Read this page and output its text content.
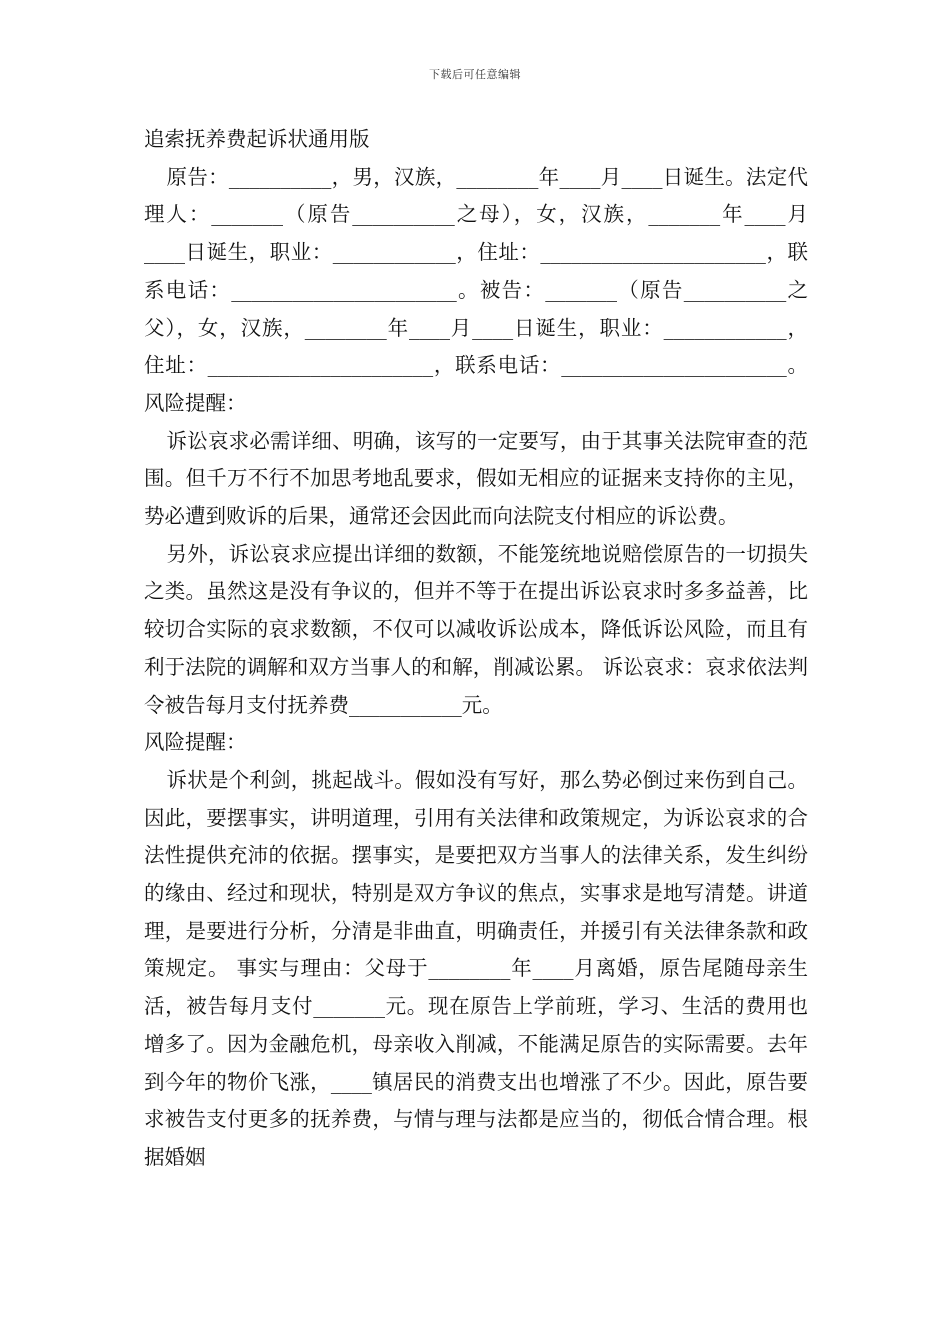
下载后可任意编辑

追索抚养费起诉状通用版

原告：__________，男，汉族，________年____月____日诞生。法定代理人：_______（原告__________之母），女，汉族，_______年____月____日诞生，职业：____________，住址：______________________，联系电话：______________________。被告：_______（原告__________之父），女，汉族，________年____月____日诞生，职业：____________，住址：______________________，联系电话：______________________。风险提醒：

诉讼哀求必需详细、明确，该写的一定要写，由于其事关法院审查的范围。但千万不行不加思考地乱要求，假如无相应的证据来支持你的主见，势必遭到败诉的后果，通常还会因此而向法院支付相应的诉讼费。

另外，诉讼哀求应提出详细的数额，不能笼统地说赔偿原告的一切损失之类。虽然这是没有争议的，但并不等于在提出诉讼哀求时多多益善，比较切合实际的哀求数额，不仅可以减收诉讼成本，降低诉讼风险，而且有利于法院的调解和双方当事人的和解，削减讼累。 诉讼哀求：哀求依法判令被告每月支付抚养费___________元。

风险提醒：

诉状是个利剑，挑起战斗。假如没有写好，那么势必倒过来伤到自己。因此，要摆事实，讲明道理，引用有关法律和政策规定，为诉讼哀求的合法性提供充沛的依据。摆事实，是要把双方当事人的法律关系，发生纠纷的缘由、经过和现状，特别是双方争议的焦点，实事求是地写清楚。讲道理，是要进行分析，分清是非曲直，明确责任，并援引有关法律条款和政策规定。 事实与理由：父母于________年____月离婚，原告尾随母亲生活，被告每月支付_______元。现在原告上学前班，学习、生活的费用也增多了。因为金融危机，母亲收入削减，不能满足原告的实际需要。去年到今年的物价飞涨，____镇居民的消费支出也增涨了不少。因此，原告要求被告支付更多的抚养费，与情与理与法都是应当的，彻低合情合理。根据婚姻
